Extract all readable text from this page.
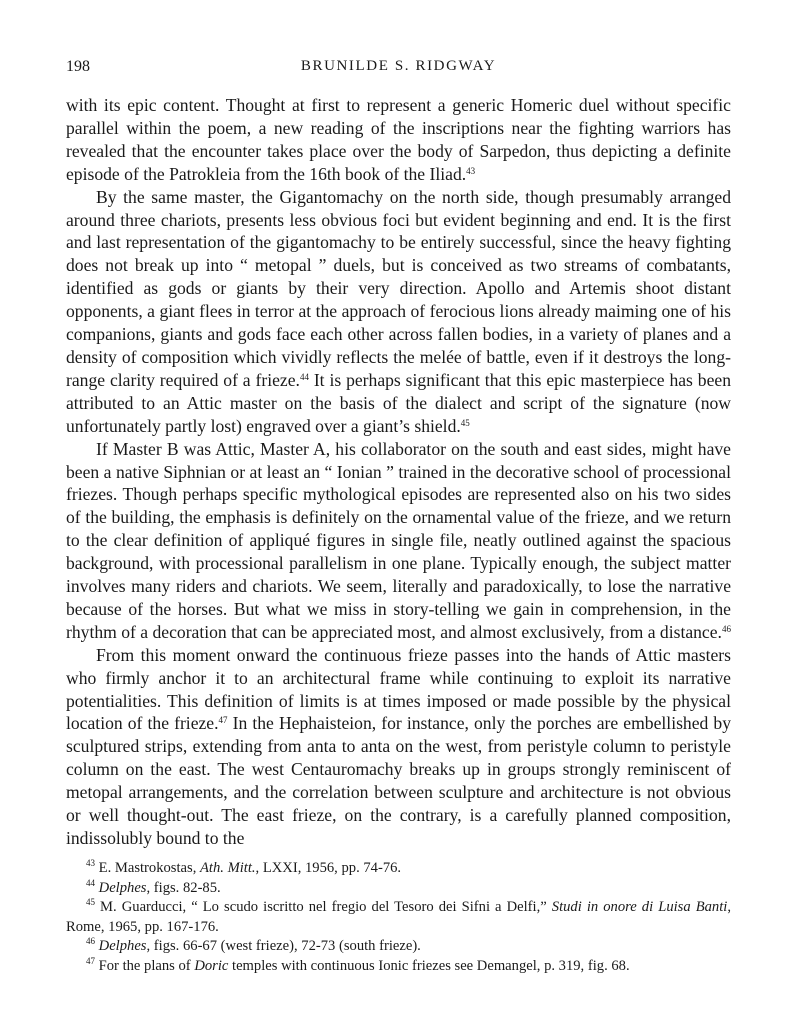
198	BRUNILDE S. RIDGWAY

with its epic content. Thought at first to represent a generic Homeric duel without specific parallel within the poem, a new reading of the inscriptions near the fighting warriors has revealed that the encounter takes place over the body of Sarpedon, thus depicting a definite episode of the Patrokleia from the 16th book of the Iliad.$^{43}$

By the same master, the Gigantomachy on the north side, though presumably arranged around three chariots, presents less obvious foci but evident beginning and end. It is the first and last representation of the gigantomachy to be entirely successful, since the heavy fighting does not break up into “ metopal ” duels, but is conceived as two streams of combatants, identified as gods or giants by their very direction. Apollo and Artemis shoot distant opponents, a giant flees in terror at the approach of ferocious lions already maiming one of his companions, giants and gods face each other across fallen bodies, in a variety of planes and a density of composition which vividly reflects the melée of battle, even if it destroys the long-range clarity required of a frieze.$^{44}$ It is perhaps significant that this epic masterpiece has been attributed to an Attic master on the basis of the dialect and script of the signature (now unfortunately partly lost) engraved over a giant’s shield.$^{45}$

If Master B was Attic, Master A, his collaborator on the south and east sides, might have been a native Siphnian or at least an “ Ionian ” trained in the decorative school of processional friezes. Though perhaps specific mythological episodes are represented also on his two sides of the building, the emphasis is definitely on the ornamental value of the frieze, and we return to the clear definition of appliqué figures in single file, neatly outlined against the spacious background, with processional parallelism in one plane. Typically enough, the subject matter involves many riders and chariots. We seem, literally and paradoxically, to lose the narrative because of the horses. But what we miss in story-telling we gain in comprehension, in the rhythm of a decoration that can be appreciated most, and almost exclusively, from a distance.$^{46}$

From this moment onward the continuous frieze passes into the hands of Attic masters who firmly anchor it to an architectural frame while continuing to exploit its narrative potentialities. This definition of limits is at times imposed or made possible by the physical location of the frieze.$^{47}$ In the Hephaisteion, for instance, only the porches are embellished by sculptured strips, extending from anta to anta on the west, from peristyle column to peristyle column on the east. The west Centauromachy breaks up in groups strongly reminiscent of metopal arrangements, and the correlation between sculpture and architecture is not obvious or well thought-out. The east frieze, on the contrary, is a carefully planned composition, indissolubly bound to the

$^{43}$ E. Mastrokostas, Ath. Mitt., LXXI, 1956, pp. 74-76.

$^{44}$ Delphes, figs. 82-85.

$^{45}$ M. Guarducci, “ Lo scudo iscritto nel fregio del Tesoro dei Sifni a Delfi,” Studi in onore di Luisa Banti, Rome, 1965, pp. 167-176.

$^{46}$ Delphes, figs. 66-67 (west frieze), 72-73 (south frieze).

$^{47}$ For the plans of Doric temples with continuous Ionic friezes see Demangel, p. 319, fig. 68.
